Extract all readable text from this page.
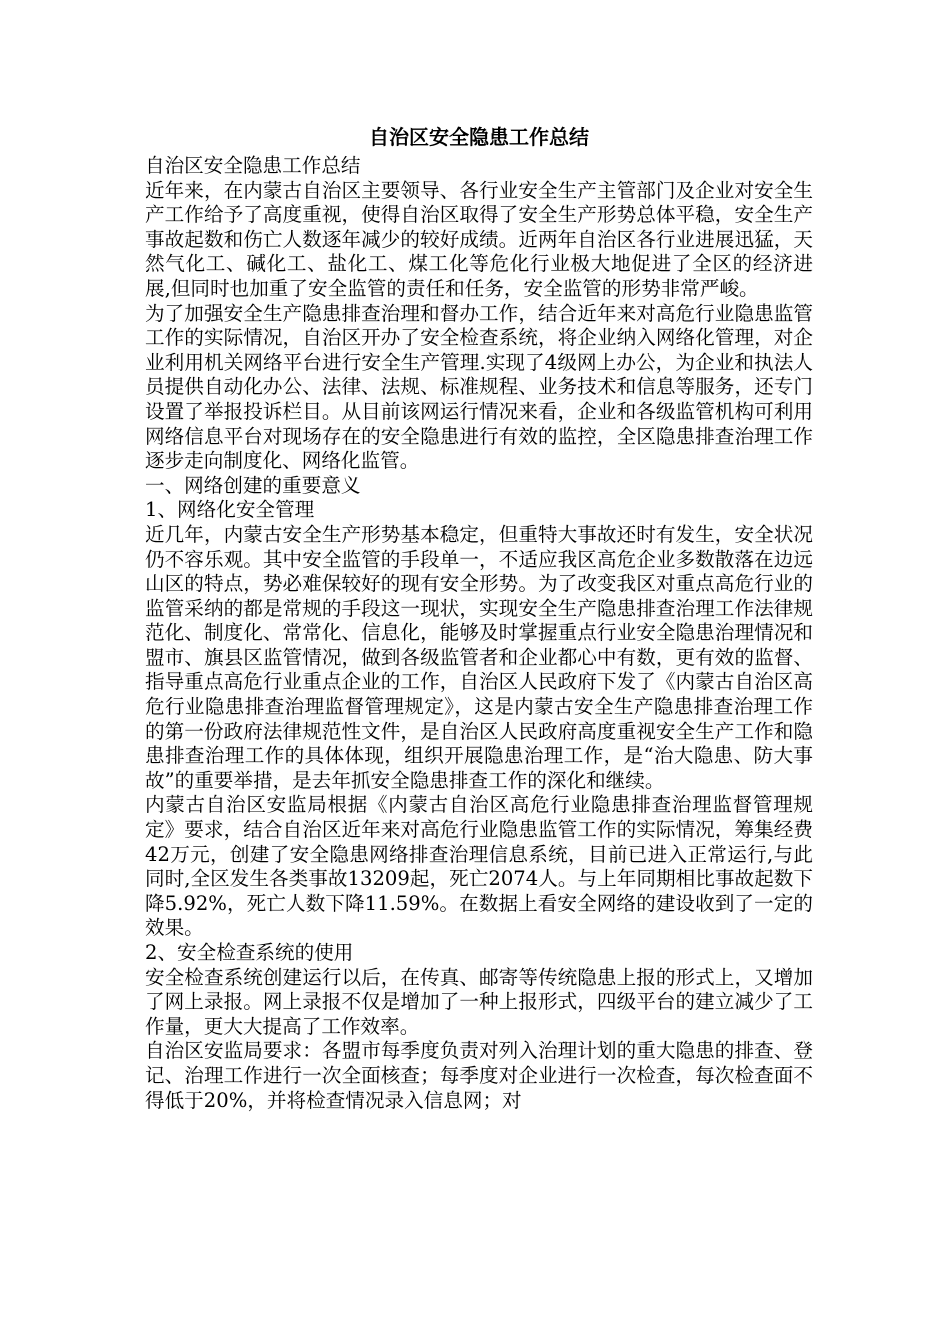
自治区安全隐患工作总结

自治区安全隐患工作总结

近年来，在内蒙古自治区主要领导、各行业安全生产主管部门及企业对安全生产工作给予了高度重视，使得自治区取得了安全生产形势总体平稳，安全生产事故起数和伤亡人数逐年减少的较好成绩。近两年自治区各行业进展迅猛，天然气化工、碱化工、盐化工、煤工化等危化行业极大地促进了全区的经济进展,但同时也加重了安全监管的责任和任务，安全监管的形势非常严峻。

为了加强安全生产隐患排查治理和督办工作，结合近年来对高危行业隐患监管工作的实际情况，自治区开办了安全检查系统，将企业纳入网络化管理，对企业利用机关网络平台进行安全生产管理.实现了4级网上办公，为企业和执法人员提供自动化办公、法律、法规、标准规程、业务技术和信息等服务，还专门设置了举报投诉栏目。从目前该网运行情况来看，企业和各级监管机构可利用网络信息平台对现场存在的安全隐患进行有效的监控，全区隐患排查治理工作逐步走向制度化、网络化监管。

一、网络创建的重要意义

1、网络化安全管理

近几年，内蒙古安全生产形势基本稳定，但重特大事故还时有发生，安全状况仍不容乐观。其中安全监管的手段单一，不适应我区高危企业多数散落在边远山区的特点，势必难保较好的现有安全形势。为了改变我区对重点高危行业的监管采纳的都是常规的手段这一现状，实现安全生产隐患排查治理工作法律规范化、制度化、常常化、信息化，能够及时掌握重点行业安全隐患治理情况和盟市、旗县区监管情况，做到各级监管者和企业都心中有数，更有效的监督、指导重点高危行业重点企业的工作，自治区人民政府下发了《内蒙古自治区高危行业隐患排查治理监督管理规定》，这是内蒙古安全生产隐患排查治理工作的第一份政府法律规范性文件，是自治区人民政府高度重视安全生产工作和隐患排查治理工作的具体体现，组织开展隐患治理工作，是“治大隐患、防大事故”的重要举措，是去年抓安全隐患排查工作的深化和继续。

内蒙古自治区安监局根据《内蒙古自治区高危行业隐患排查治理监督管理规定》要求，结合自治区近年来对高危行业隐患监管工作的实际情况，筹集经费42万元，创建了安全隐患网络排查治理信息系统，目前已进入正常运行,与此同时,全区发生各类事故13209起，死亡2074人。与上年同期相比事故起数下降5.92%，死亡人数下降11.59%。在数据上看安全网络的建设收到了一定的效果。

2、安全检查系统的使用

安全检查系统创建运行以后，在传真、邮寄等传统隐患上报的形式上，又增加了网上录报。网上录报不仅是增加了一种上报形式，四级平台的建立减少了工作量，更大大提高了工作效率。

自治区安监局要求：各盟市每季度负责对列入治理计划的重大隐患的排查、登记、治理工作进行一次全面核查；每季度对企业进行一次检查，每次检查面不得低于20%，并将检查情况录入信息网；对
